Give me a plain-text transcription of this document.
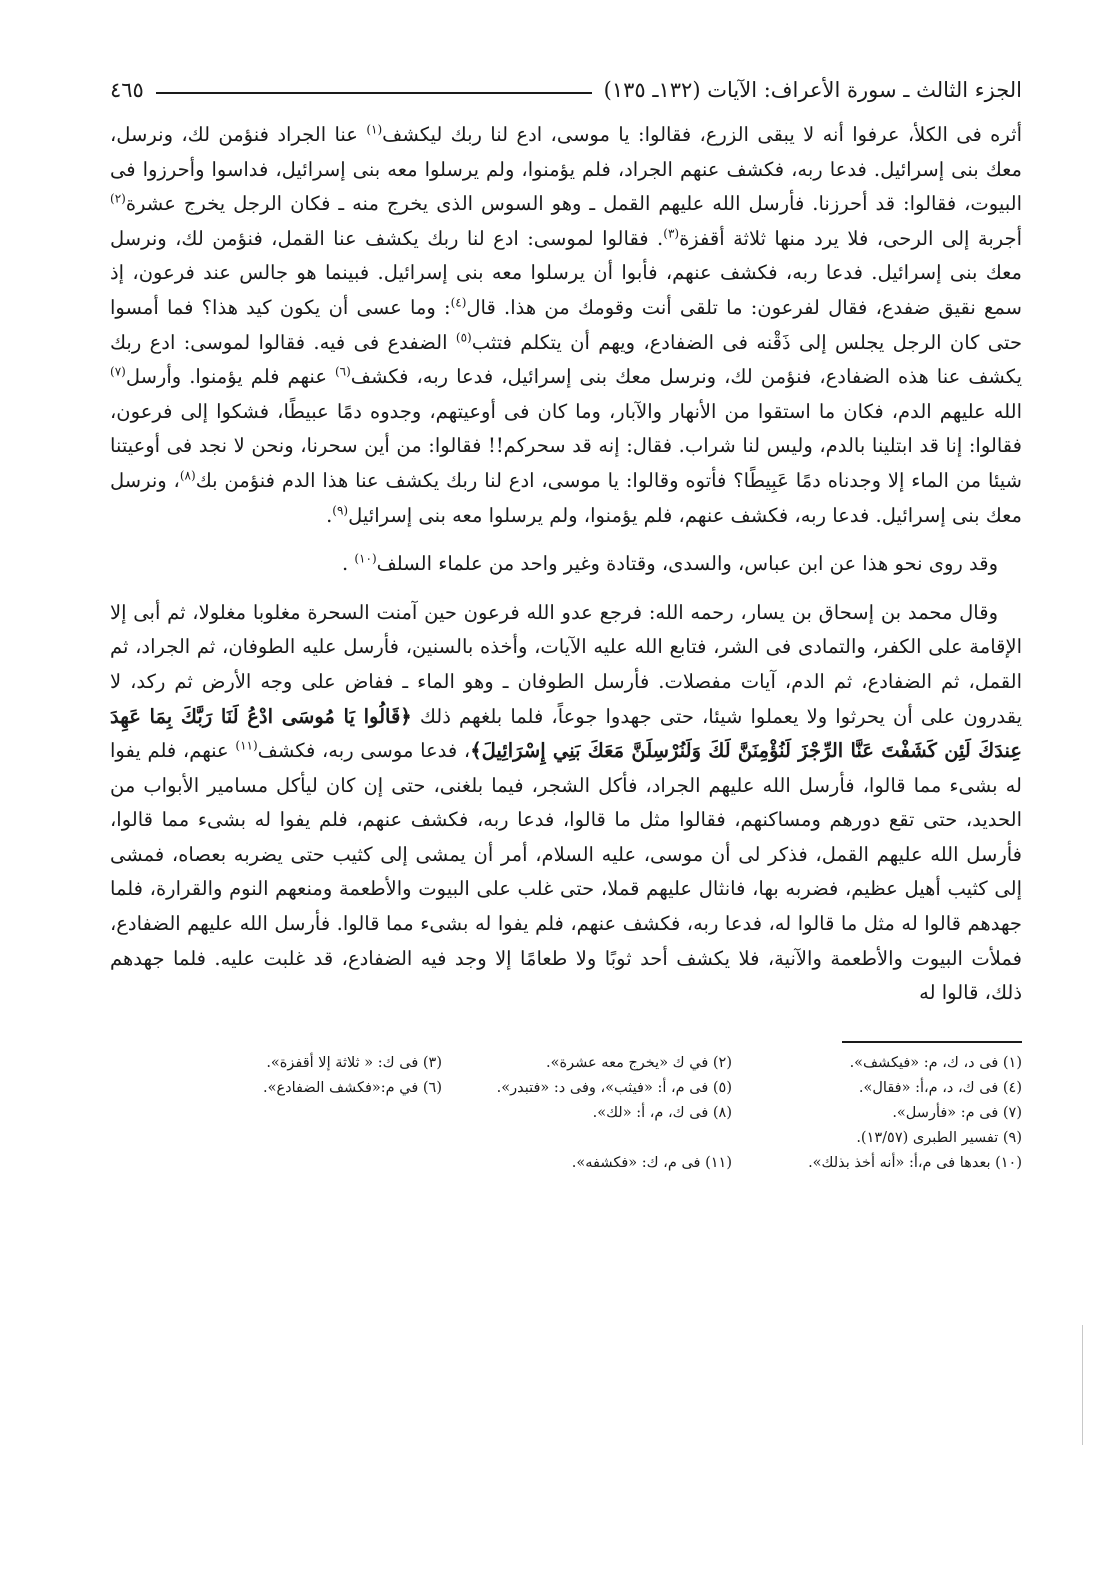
الجزء الثالث ـ سورة الأعراف: الآيات (١٣٢ـ ١٣٥)
٤٦٥

أثره فى الكلأ، عرفوا أنه لا يبقى الزرع، فقالوا: يا موسى، ادع لنا ربك ليكشف$^{(١)}$ عنا الجراد فنؤمن لك، ونرسل، معك بنى إسرائيل. فدعا ربه، فكشف عنهم الجراد، فلم يؤمنوا، ولم يرسلوا معه بنى إسرائيل، فداسوا وأحرزوا فى البيوت، فقالوا: قد أحرزنا. فأرسل الله عليهم القمل ـ وهو السوس الذى يخرج منه ـ فكان الرجل يخرج عشرة$^{(٢)}$ أجربة إلى الرحى، فلا يرد منها ثلاثة أقفزة$^{(٣)}$. فقالوا لموسى: ادع لنا ربك يكشف عنا القمل، فنؤمن لك، ونرسل معك بنى إسرائيل. فدعا ربه، فكشف عنهم، فأبوا أن يرسلوا معه بنى إسرائيل. فبينما هو جالس عند فرعون، إذ سمع نقيق ضفدع، فقال لفرعون: ما تلقى أنت وقومك من هذا. قال$^{(٤)}$: وما عسى أن يكون كيد هذا؟ فما أمسوا حتى كان الرجل يجلس إلى ذَقْنه فى الضفادع، ويهم أن يتكلم فتثب$^{(٥)}$ الضفدع فى فيه. فقالوا لموسى: ادع ربك يكشف عنا هذه الضفادع، فنؤمن لك، ونرسل معك بنى إسرائيل، فدعا ربه، فكشف$^{(٦)}$ عنهم فلم يؤمنوا. وأرسل$^{(٧)}$ الله عليهم الدم، فكان ما استقوا من الأنهار والآبار، وما كان فى أوعيتهم، وجدوه دمًا عبيطًا، فشكوا إلى فرعون، فقالوا: إنا قد ابتلينا بالدم، وليس لنا شراب. فقال: إنه قد سحركم!! فقالوا: من أين سحرنا، ونحن لا نجد فى أوعيتنا شيئا من الماء إلا وجدناه دمًا عَبِيطًا؟ فأتوه وقالوا: يا موسى، ادع لنا ربك يكشف عنا هذا الدم فنؤمن بك$^{(٨)}$، ونرسل معك بنى إسرائيل. فدعا ربه، فكشف عنهم، فلم يؤمنوا، ولم يرسلوا معه بنى إسرائيل$^{(٩)}$.

وقد روى نحو هذا عن ابن عباس، والسدى، وقتادة وغير واحد من علماء السلف$^{(١٠)}$ .

وقال محمد بن إسحاق بن يسار، رحمه الله: فرجع عدو الله فرعون حين آمنت السحرة مغلوبا مغلولا، ثم أبى إلا الإقامة على الكفر، والتمادى فى الشر، فتابع الله عليه الآيات، وأخذه بالسنين، فأرسل عليه الطوفان، ثم الجراد، ثم القمل، ثم الضفادع، ثم الدم، آيات مفصلات. فأرسل الطوفان ـ وهو الماء ـ ففاض على وجه الأرض ثم ركد، لا يقدرون على أن يحرثوا ولا يعملوا شيئا، حتى جهدوا جوعاً، فلما بلغهم ذلك ﴿قَالُوا يَا مُوسَى ادْعُ لَنَا رَبَّكَ بِمَا عَهِدَ عِندَكَ لَئِن كَشَفْتَ عَنَّا الرِّجْزَ لَنُؤْمِنَنَّ لَكَ وَلَنُرْسِلَنَّ مَعَكَ بَنِي إِسْرَائِيلَ﴾، فدعا موسى ربه، فكشف$^{(١١)}$ عنهم، فلم يفوا له بشىء مما قالوا، فأرسل الله عليهم الجراد، فأكل الشجر، فيما بلغنى، حتى إن كان ليأكل مسامير الأبواب من الحديد، حتى تقع دورهم ومساكنهم، فقالوا مثل ما قالوا، فدعا ربه، فكشف عنهم، فلم يفوا له بشىء مما قالوا، فأرسل الله عليهم القمل، فذكر لى أن موسى، عليه السلام، أمر أن يمشى إلى كثيب حتى يضربه بعصاه، فمشى إلى كثيب أهيل عظيم، فضربه بها، فانثال عليهم قملا، حتى غلب على البيوت والأطعمة ومنعهم النوم والقرارة، فلما جهدهم قالوا له مثل ما قالوا له، فدعا ربه، فكشف عنهم، فلم يفوا له بشىء مما قالوا. فأرسل الله عليهم الضفادع، فملأت البيوت والأطعمة والآنية، فلا يكشف أحد ثوبًا ولا طعامًا إلا وجد فيه الضفادع، قد غلبت عليه. فلما جهدهم ذلك، قالوا له

(١) فى د، ك، م: «فيكشف».
(٢) في ك «يخرج معه عشرة».
(٣) فى ك: « ثلاثة إلا أقفزة».
(٤) فى ك، د، م،أ: «فقال».
(٥) فى م، أ: «فيثب»، وفى د: «فتبدر».
(٦) في م:«فكشف الضفادع».
(٧) فى م: «فأرسل».
(٨) فى ك، م، أ: «لك».
(٩) تفسير الطبرى (١٣/٥٧).
(١٠) بعدها فى م،أ: «أنه أخذ بذلك».
(١١) فى م، ك: «فكشفه».
